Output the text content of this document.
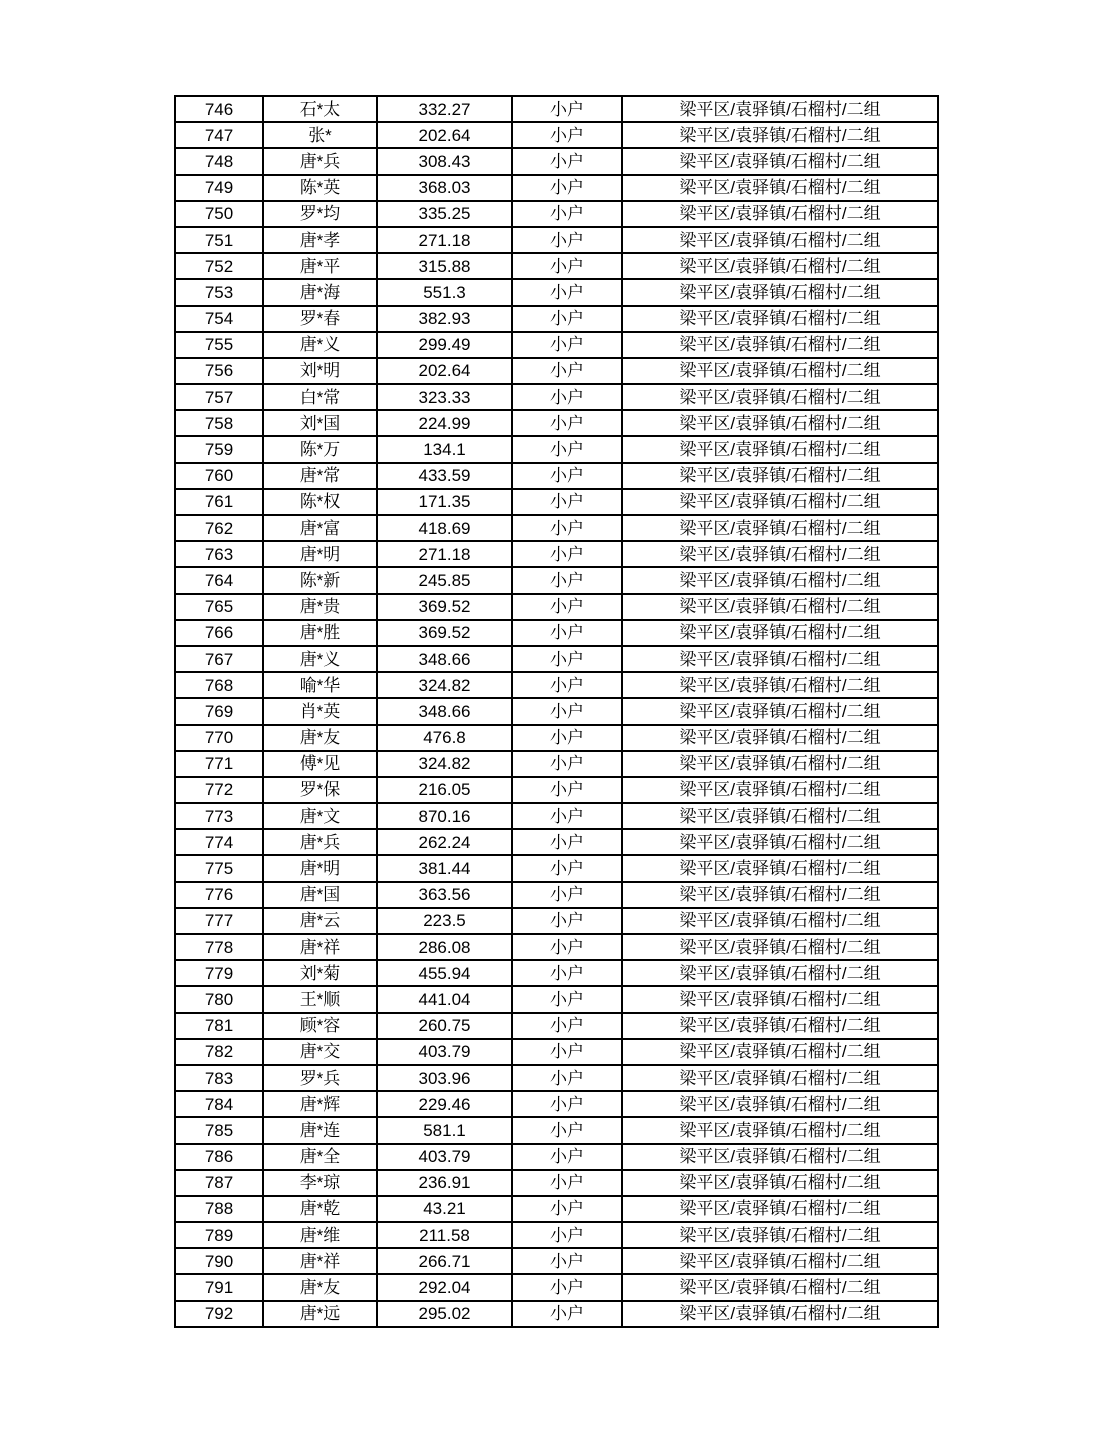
746	石*太	332.27	小户	梁平区/袁驿镇/石榴村/二组
747	张*	202.64	小户	梁平区/袁驿镇/石榴村/二组
748	唐*兵	308.43	小户	梁平区/袁驿镇/石榴村/二组
749	陈*英	368.03	小户	梁平区/袁驿镇/石榴村/二组
750	罗*均	335.25	小户	梁平区/袁驿镇/石榴村/二组
751	唐*孝	271.18	小户	梁平区/袁驿镇/石榴村/二组
752	唐*平	315.88	小户	梁平区/袁驿镇/石榴村/二组
753	唐*海	551.3	小户	梁平区/袁驿镇/石榴村/二组
754	罗*春	382.93	小户	梁平区/袁驿镇/石榴村/二组
755	唐*义	299.49	小户	梁平区/袁驿镇/石榴村/二组
756	刘*明	202.64	小户	梁平区/袁驿镇/石榴村/二组
757	白*常	323.33	小户	梁平区/袁驿镇/石榴村/二组
758	刘*国	224.99	小户	梁平区/袁驿镇/石榴村/二组
759	陈*万	134.1	小户	梁平区/袁驿镇/石榴村/二组
760	唐*常	433.59	小户	梁平区/袁驿镇/石榴村/二组
761	陈*权	171.35	小户	梁平区/袁驿镇/石榴村/二组
762	唐*富	418.69	小户	梁平区/袁驿镇/石榴村/二组
763	唐*明	271.18	小户	梁平区/袁驿镇/石榴村/二组
764	陈*新	245.85	小户	梁平区/袁驿镇/石榴村/二组
765	唐*贵	369.52	小户	梁平区/袁驿镇/石榴村/二组
766	唐*胜	369.52	小户	梁平区/袁驿镇/石榴村/二组
767	唐*义	348.66	小户	梁平区/袁驿镇/石榴村/二组
768	喻*华	324.82	小户	梁平区/袁驿镇/石榴村/二组
769	肖*英	348.66	小户	梁平区/袁驿镇/石榴村/二组
770	唐*友	476.8	小户	梁平区/袁驿镇/石榴村/二组
771	傅*见	324.82	小户	梁平区/袁驿镇/石榴村/二组
772	罗*保	216.05	小户	梁平区/袁驿镇/石榴村/二组
773	唐*文	870.16	小户	梁平区/袁驿镇/石榴村/二组
774	唐*兵	262.24	小户	梁平区/袁驿镇/石榴村/二组
775	唐*明	381.44	小户	梁平区/袁驿镇/石榴村/二组
776	唐*国	363.56	小户	梁平区/袁驿镇/石榴村/二组
777	唐*云	223.5	小户	梁平区/袁驿镇/石榴村/二组
778	唐*祥	286.08	小户	梁平区/袁驿镇/石榴村/二组
779	刘*菊	455.94	小户	梁平区/袁驿镇/石榴村/二组
780	王*顺	441.04	小户	梁平区/袁驿镇/石榴村/二组
781	顾*容	260.75	小户	梁平区/袁驿镇/石榴村/二组
782	唐*交	403.79	小户	梁平区/袁驿镇/石榴村/二组
783	罗*兵	303.96	小户	梁平区/袁驿镇/石榴村/二组
784	唐*辉	229.46	小户	梁平区/袁驿镇/石榴村/二组
785	唐*连	581.1	小户	梁平区/袁驿镇/石榴村/二组
786	唐*全	403.79	小户	梁平区/袁驿镇/石榴村/二组
787	李*琼	236.91	小户	梁平区/袁驿镇/石榴村/二组
788	唐*乾	43.21	小户	梁平区/袁驿镇/石榴村/二组
789	唐*维	211.58	小户	梁平区/袁驿镇/石榴村/二组
790	唐*祥	266.71	小户	梁平区/袁驿镇/石榴村/二组
791	唐*友	292.04	小户	梁平区/袁驿镇/石榴村/二组
792	唐*远	295.02	小户	梁平区/袁驿镇/石榴村/二组
